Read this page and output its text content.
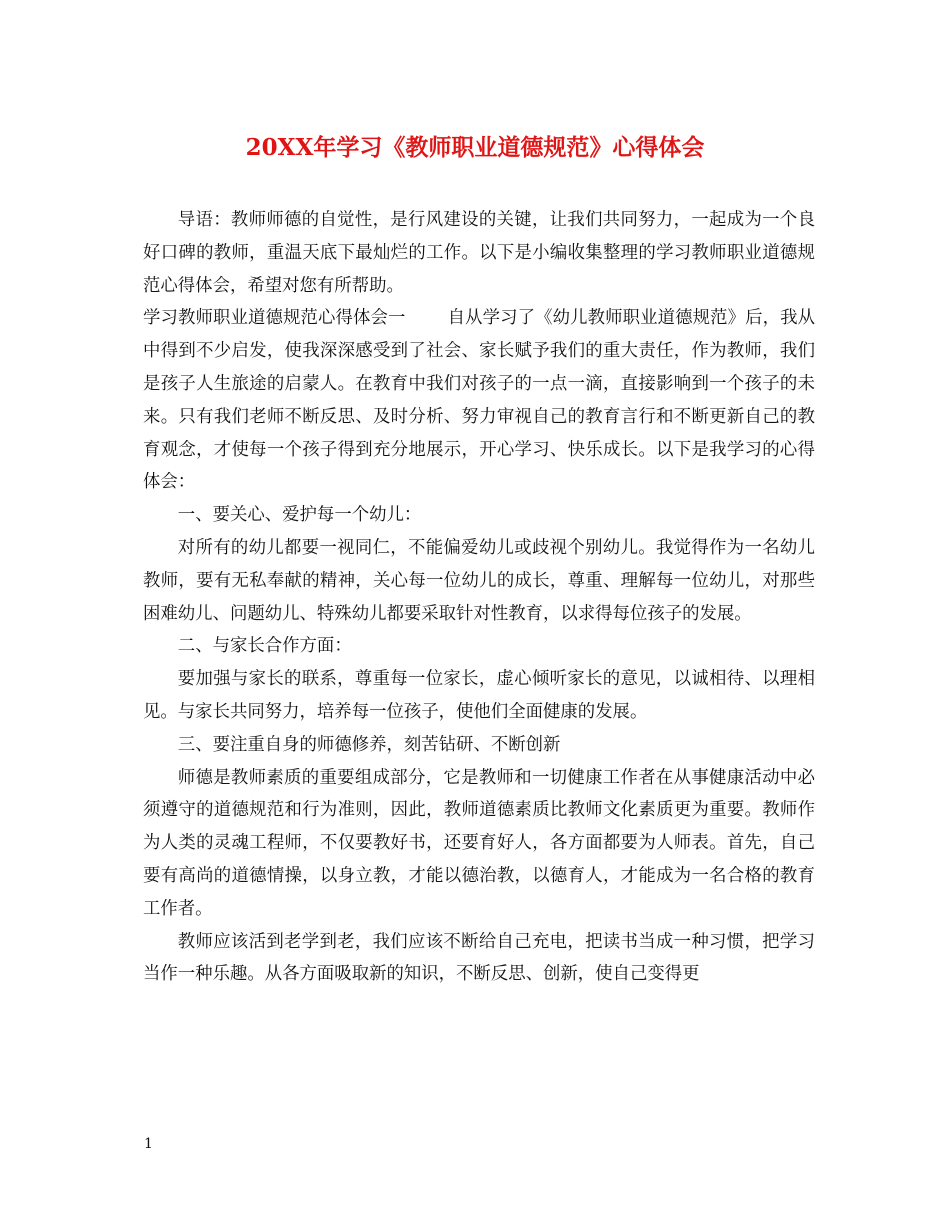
20XX年学习《教师职业道德规范》心得体会

导语：教师师德的自觉性，是行风建设的关键，让我们共同努力，一起成为一个良好口碑的教师，重温天底下最灿烂的工作。以下是小编收集整理的学习教师职业道德规范心得体会，希望对您有所帮助。

学习教师职业道德规范心得体会一 自从学习了《幼儿教师职业道德规范》后，我从中得到不少启发，使我深深感受到了社会、家长赋予我们的重大责任，作为教师，我们是孩子人生旅途的启蒙人。在教育中我们对孩子的一点一滴，直接影响到一个孩子的未来。只有我们老师不断反思、及时分析、努力审视自己的教育言行和不断更新自己的教育观念，才使每一个孩子得到充分地展示，开心学习、快乐成长。以下是我学习的心得体会：

一、要关心、爱护每一个幼儿：

对所有的幼儿都要一视同仁，不能偏爱幼儿或歧视个别幼儿。我觉得作为一名幼儿教师，要有无私奉献的精神，关心每一位幼儿的成长，尊重、理解每一位幼儿，对那些困难幼儿、问题幼儿、特殊幼儿都要采取针对性教育，以求得每位孩子的发展。

二、与家长合作方面：

要加强与家长的联系，尊重每一位家长，虚心倾听家长的意见，以诚相待、以理相见。与家长共同努力，培养每一位孩子，使他们全面健康的发展。

三、要注重自身的师德修养，刻苦钻研、不断创新

师德是教师素质的重要组成部分，它是教师和一切健康工作者在从事健康活动中必须遵守的道德规范和行为准则，因此，教师道德素质比教师文化素质更为重要。教师作为人类的灵魂工程师，不仅要教好书，还要育好人，各方面都要为人师表。首先，自己要有高尚的道德情操，以身立教，才能以德治教，以德育人，才能成为一名合格的教育工作者。

教师应该活到老学到老，我们应该不断给自己充电，把读书当成一种习惯，把学习当作一种乐趣。从各方面吸取新的知识，不断反思、创新，使自己变得更

1
